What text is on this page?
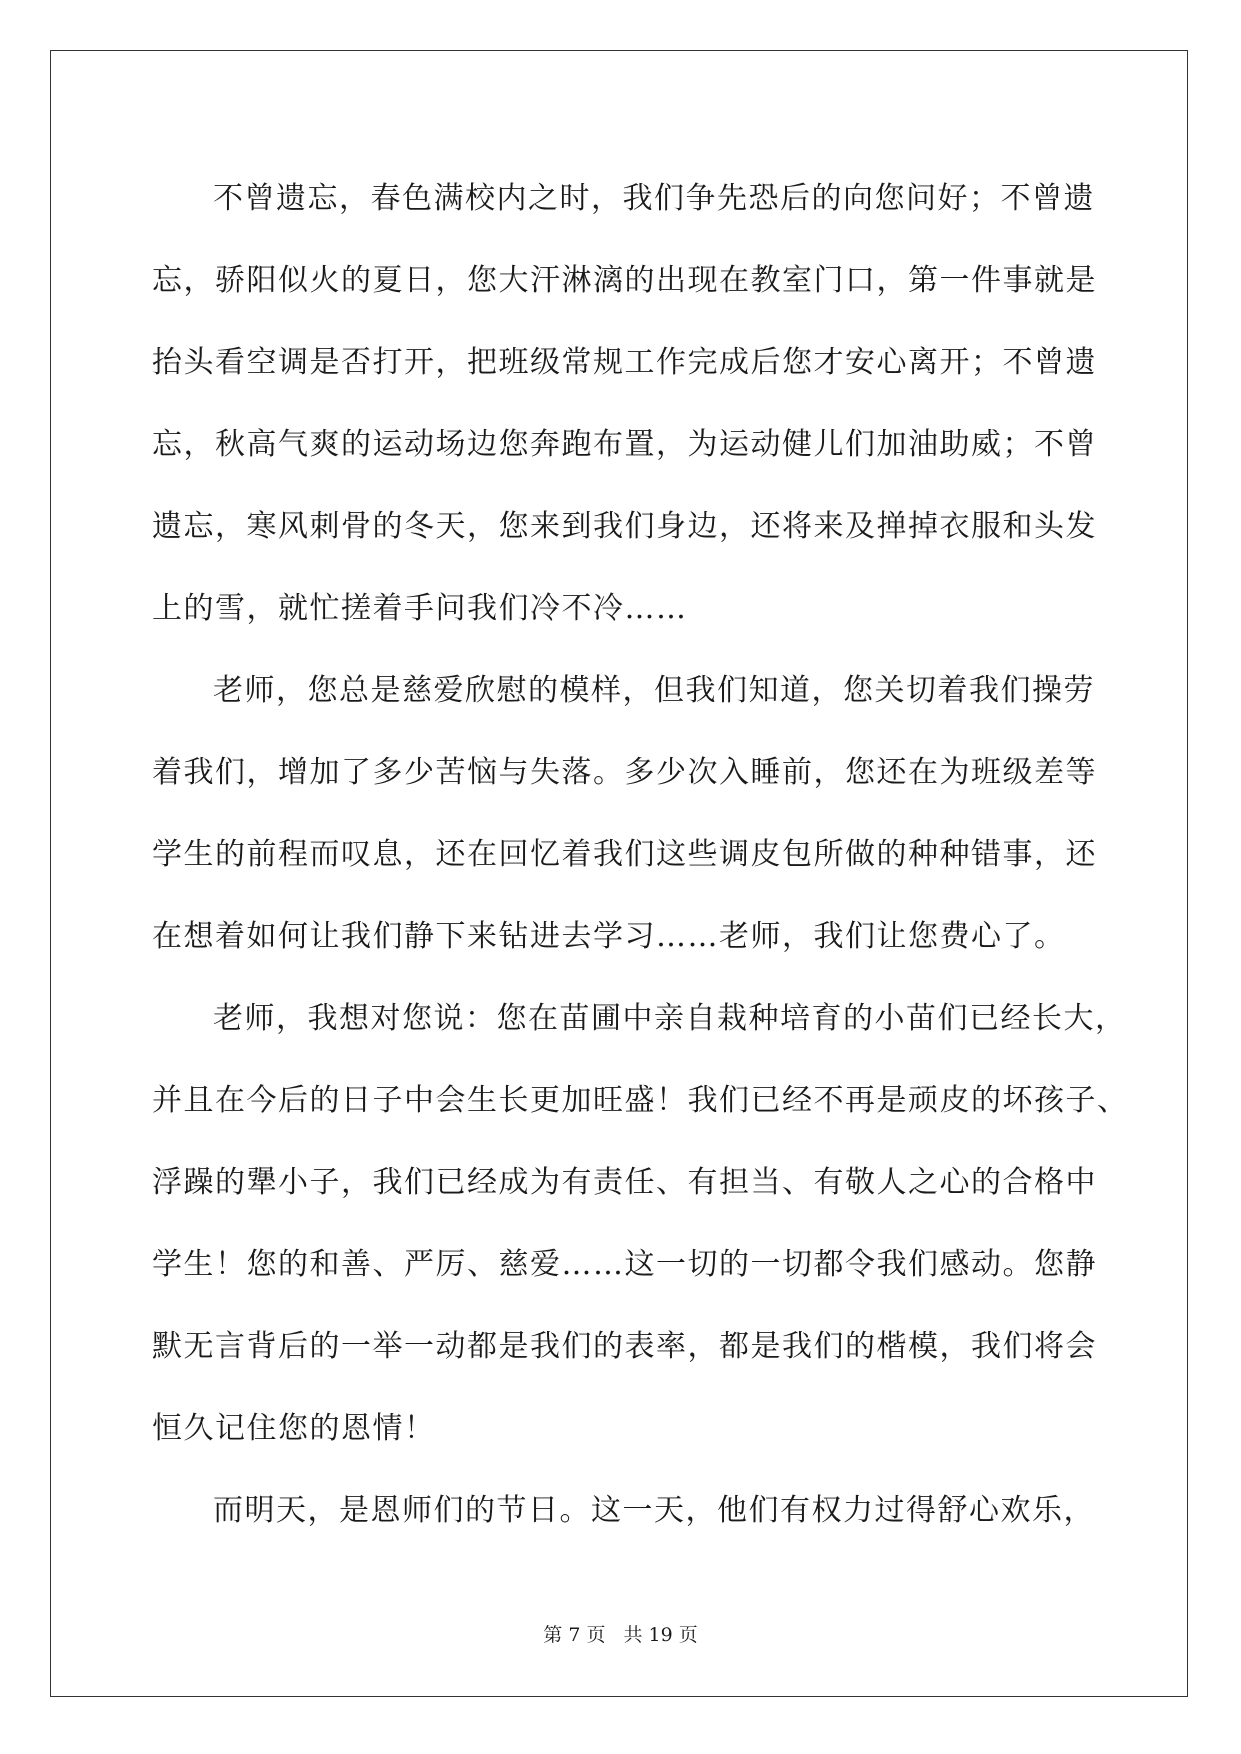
不曾遗忘，春色满校内之时，我们争先恐后的向您问好；不曾遗
忘，骄阳似火的夏日，您大汗淋漓的出现在教室门口，第一件事就是
抬头看空调是否打开，把班级常规工作完成后您才安心离开；不曾遗
忘，秋高气爽的运动场边您奔跑布置，为运动健儿们加油助威；不曾
遗忘，寒风刺骨的冬天，您来到我们身边，还将来及掸掉衣服和头发
上的雪，就忙搓着手问我们冷不冷……
老师，您总是慈爱欣慰的模样，但我们知道，您关切着我们操劳
着我们，增加了多少苦恼与失落。多少次入睡前，您还在为班级差等
学生的前程而叹息，还在回忆着我们这些调皮包所做的种种错事，还
在想着如何让我们静下来钻进去学习……老师，我们让您费心了。
老师，我想对您说：您在苗圃中亲自栽种培育的小苗们已经长大，
并且在今后的日子中会生长更加旺盛！我们已经不再是顽皮的坏孩子、
浮躁的犟小子，我们已经成为有责任、有担当、有敬人之心的合格中
学生！您的和善、严厉、慈爱……这一切的一切都令我们感动。您静
默无言背后的一举一动都是我们的表率，都是我们的楷模，我们将会
恒久记住您的恩情！
而明天，是恩师们的节日。这一天，他们有权力过得舒心欢乐，
第 7 页 共 19 页
